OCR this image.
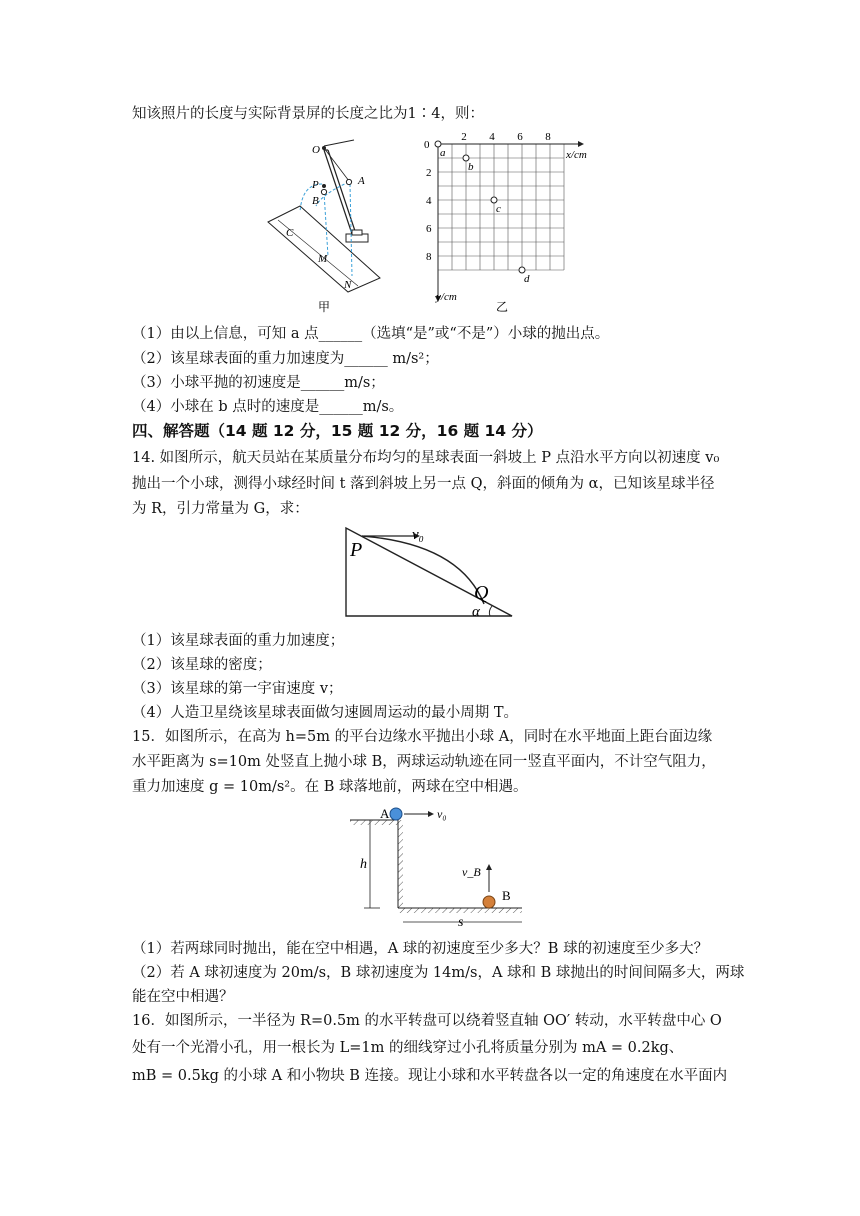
知该照片的长度与实际背景屏的长度之比为1∶4，则：
O
P	A
B
C
M
N
甲
0
2 4 6 8
2
4
6
8
x/cm
y/cm
a
b
c
d
乙
（1）由以上信息，可知 a 点______（选填“是”或“不是”）小球的抛出点。
（2）该星球表面的重力加速度为______ m/s²；
（3）小球平抛的初速度是______m/s；
（4）小球在 b 点时的速度是______m/s。
四、解答题（14 题 12 分，15 题 12 分，16 题 14 分）
14. 如图所示，航天员站在某质量分布均匀的星球表面一斜坡上 P 点沿水平方向以初速度 v₀
抛出一个小球，测得小球经时间 t 落到斜坡上另一点 Q，斜面的倾角为 α，已知该星球半径
为 R，引力常量为 G，求：
P
Q
v₀
α
（1）该星球表面的重力加速度；
（2）该星球的密度；
（3）该星球的第一宇宙速度 v；
（4）人造卫星绕该星球表面做匀速圆周运动的最小周期 T。
15．如图所示，在高为 h=5m 的平台边缘水平抛出小球 A，同时在水平地面上距台面边缘
水平距离为 s=10m 处竖直上抛小球 B，两球运动轨迹在同一竖直平面内，不计空气阻力，
重力加速度 g = 10m/s²。在 B 球落地前，两球在空中相遇。
A	v₀
B
v_B
h
s
（1）若两球同时抛出，能在空中相遇，A 球的初速度至少多大？B 球的初速度至少多大？
（2）若 A 球初速度为 20m/s，B 球初速度为 14m/s，A 球和 B 球抛出的时间间隔多大，两球
能在空中相遇？
16．如图所示，一半径为 R=0.5m 的水平转盘可以绕着竖直轴 OO′ 转动，水平转盘中心 O
处有一个光滑小孔，用一根长为 L=1m 的细线穿过小孔将质量分别为 mA = 0.2kg、
mB = 0.5kg 的小球 A 和小物块 B 连接。现让小球和水平转盘各以一定的角速度在水平面内
